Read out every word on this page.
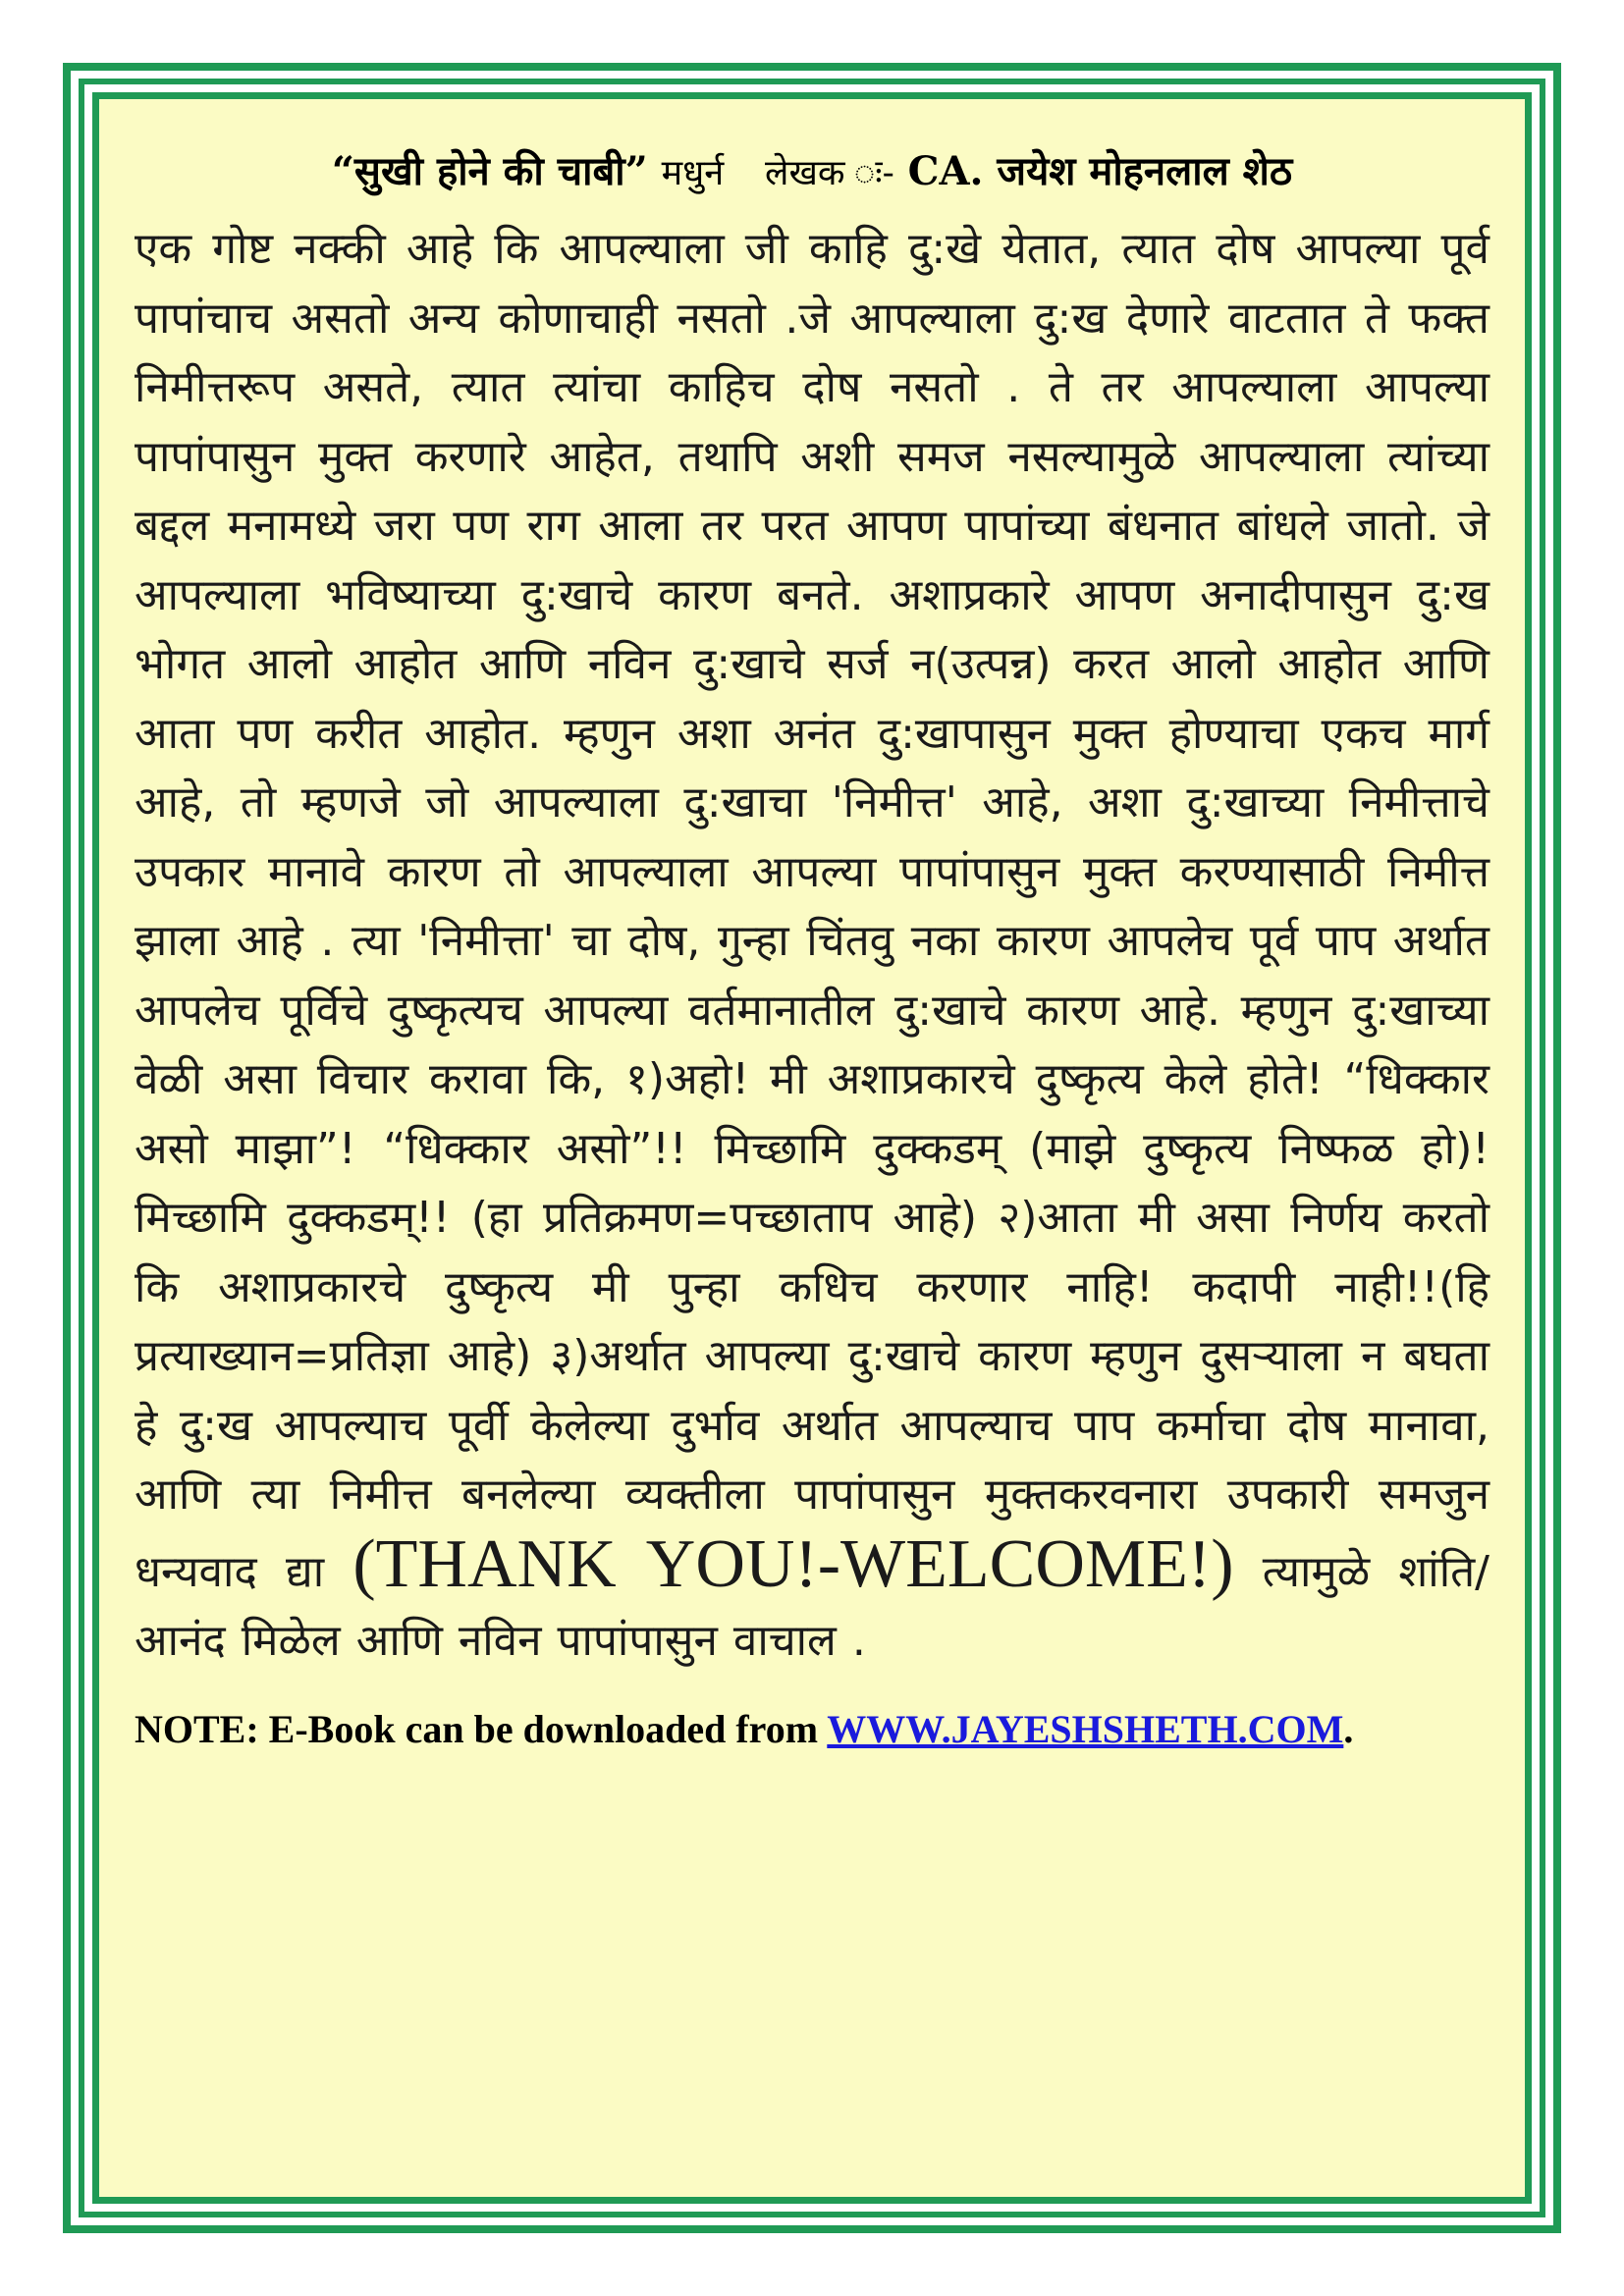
“सुखी होने की चाबी” मधुर्न लेखक ः- CA. जयेश मोहनलाल शेठ
एक गोष्ट नक्की आहे कि आपल्याला जी काहि दु:खे येतात, त्यात दोष आपल्या पूर्व पापांचाच असतो अन्य कोणाचाही नसतो .जे आपल्याला दु:ख देणारे वाटतात ते फक्त निमीत्तरूप असते, त्यात त्यांचा काहिच दोष नसतो . ते तर आपल्याला आपल्या पापांपासुन मुक्त करणारे आहेत, तथापि अशी समज नसल्यामुळे आपल्याला त्यांच्या बद्दल मनामध्ये जरा पण राग आला तर परत आपण पापांच्या बंधनात बांधले जातो. जे आपल्याला भविष्याच्या दु:खाचे कारण बनते. अशाप्रकारे आपण अनादीपासुन दु:ख भोगत आलो आहोत आणि नविन दु:खाचे सर्ज न(उत्पन्न) करत आलो आहोत आणि आता पण करीत आहोत. म्हणुन अशा अनंत दु:खापासुन मुक्त होण्याचा एकच मार्ग आहे, तो म्हणजे जो आपल्याला दु:खाचा 'निमीत्त' आहे, अशा दु:खाच्या निमीत्ताचे उपकार मानावे कारण तो आपल्याला आपल्या पापांपासुन मुक्त करण्यासाठी निमीत्त झाला आहे . त्या 'निमीत्ता' चा दोष, गुन्हा चिंतवु नका कारण आपलेच पूर्व पाप अर्थात आपलेच पूर्विचे दुष्कृत्यच आपल्या वर्तमानातील दु:खाचे कारण आहे. म्हणुन दु:खाच्या वेळी असा विचार करावा कि, १)अहो! मी अशाप्रकारचे दुष्कृत्य केले होते! “धिक्कार असो माझा”! “धिक्कार असो”!! मिच्छामि दुक्कडम् (माझे दुष्कृत्य निष्फळ हो)! मिच्छामि दुक्कडम्!! (हा प्रतिक्रमण=पच्छाताप आहे) २)आता मी असा निर्णय करतो कि अशाप्रकारचे दुष्कृत्य मी पुन्हा कधिच करणार नाहि! कदापी नाही!!(हि प्रत्याख्यान=प्रतिज्ञा आहे) ३)अर्थात आपल्या दु:खाचे कारण म्हणुन दुसऱ्याला न बघता हे दु:ख आपल्याच पूर्वी केलेल्या दुर्भाव अर्थात आपल्याच पाप कर्माचा दोष मानावा, आणि त्या निमीत्त बनलेल्या व्यक्तीला पापांपासुन मुक्तकरवनारा उपकारी समजुन धन्यवाद द्या (THANK YOU!-WELCOME!) त्यामुळे शांति/आनंद मिळेल आणि नविन पापांपासुन वाचाल .
NOTE: E-Book can be downloaded from WWW.JAYESHSHETH.COM.
